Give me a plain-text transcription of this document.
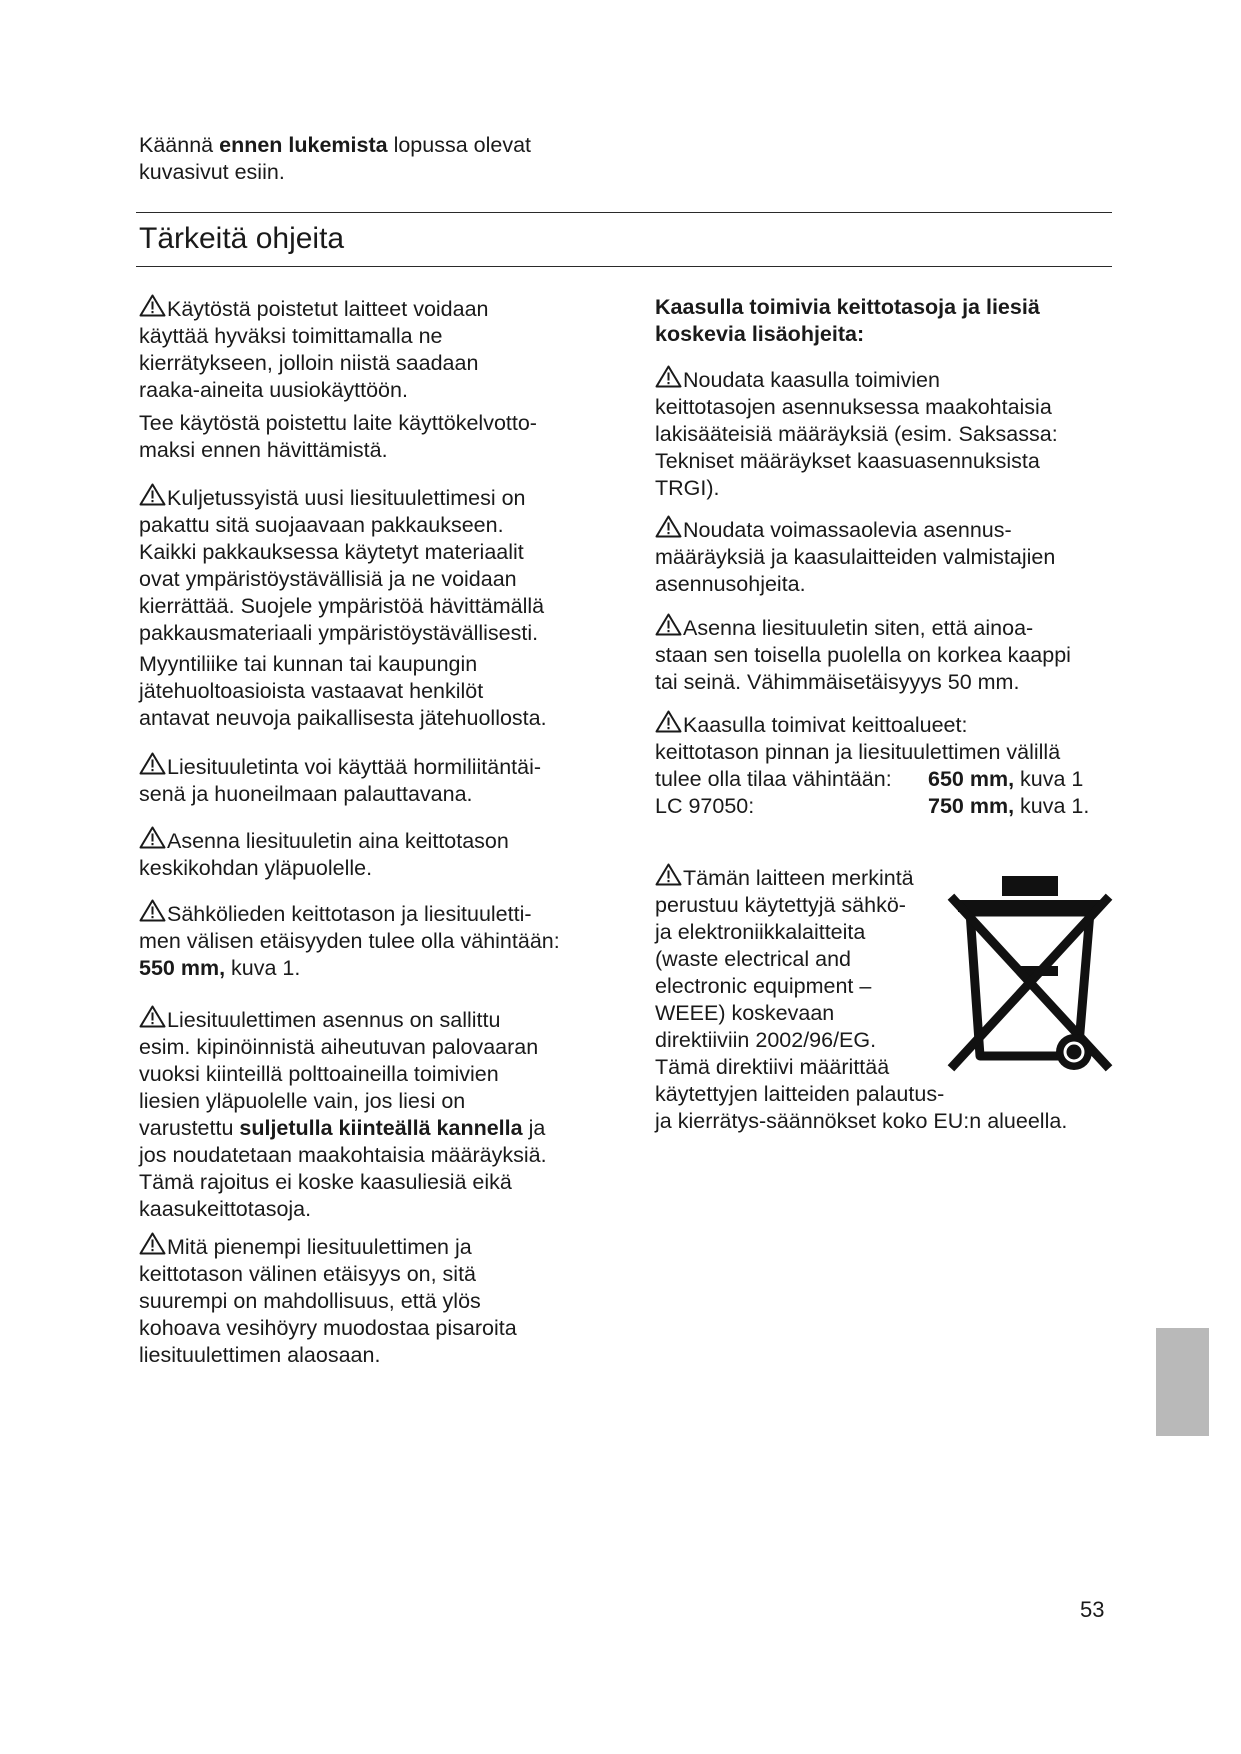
Käännä ennen lukemista lopussa olevat
kuvasivut esiin.

Tärkeitä ohjeita

Käytöstä poistetut laitteet voidaan
käyttää hyväksi toimittamalla ne
kierrätykseen, jolloin niistä saadaan
raaka-aineita uusiokäyttöön.

Tee käytöstä poistettu laite käyttökelvotto-
maksi ennen hävittämistä.

Kuljetussyistä uusi liesituulettimesi on
pakattu sitä suojaavaan pakkaukseen.
Kaikki pakkauksessa käytetyt materiaalit
ovat ympäristöystävällisiä ja ne voidaan
kierrättää. Suojele ympäristöä hävittämällä
pakkausmateriaali ympäristöystävällisesti.

Myyntiliike tai kunnan tai kaupungin
jätehuoltoasioista vastaavat henkilöt
antavat neuvoja paikallisesta jätehuollosta.

Liesituuletinta voi käyttää hormiliitäntäi-
senä ja huoneilmaan palauttavana.

Asenna liesituuletin aina keittotason
keskikohdan yläpuolelle.

Sähkölieden keittotason ja liesituuletti-
men välisen etäisyyden tulee olla vähintään:
550 mm, kuva 1.

Liesituulettimen asennus on sallittu
esim. kipinöinnistä aiheutuvan palovaaran
vuoksi kiinteillä polttoaineilla toimivien
liesien yläpuolelle vain, jos liesi on
varustettu suljetulla kiinteällä kannella ja
jos noudatetaan maakohtaisia määräyksiä.
Tämä rajoitus ei koske kaasuliesiä eikä
kaasukeittotasoja.

Mitä pienempi liesituulettimen ja
keittotason välinen etäisyys on, sitä
suurempi on mahdollisuus, että ylös
kohoava vesihöyry muodostaa pisaroita
liesituulettimen alaosaan.

Kaasulla toimivia keittotasoja ja liesiä
koskevia lisäohjeita:

Noudata kaasulla toimivien
keittotasojen asennuksessa maakohtaisia
lakisääteisiä määräyksiä (esim. Saksassa:
Tekniset määräykset kaasuasennuksista
TRGI).

Noudata voimassaolevia asennus-
määräyksiä ja kaasulaitteiden valmistajien
asennusohjeita.

Asenna liesituuletin siten, että ainoa-
staan sen toisella puolella on korkea kaappi
tai seinä. Vähimmäisetäisyyys 50 mm.

Kaasulla toimivat keittoalueet:
keittotason pinnan ja liesituulettimen välillä
tulee olla tilaa vähintään: 650 mm, kuva 1
LC 97050:	750 mm, kuva 1.

Tämän laitteen merkintä
perustuu käytettyjä sähkö-
ja elektroniikkalaitteita
(waste electrical and
electronic equipment –
WEEE) koskevaan
direktiiviin 2002/96/EG.
Tämä direktiivi määrittää
käytettyjen laitteiden palautus-
ja kierrätys-säännökset koko EU:n alueella.

53
